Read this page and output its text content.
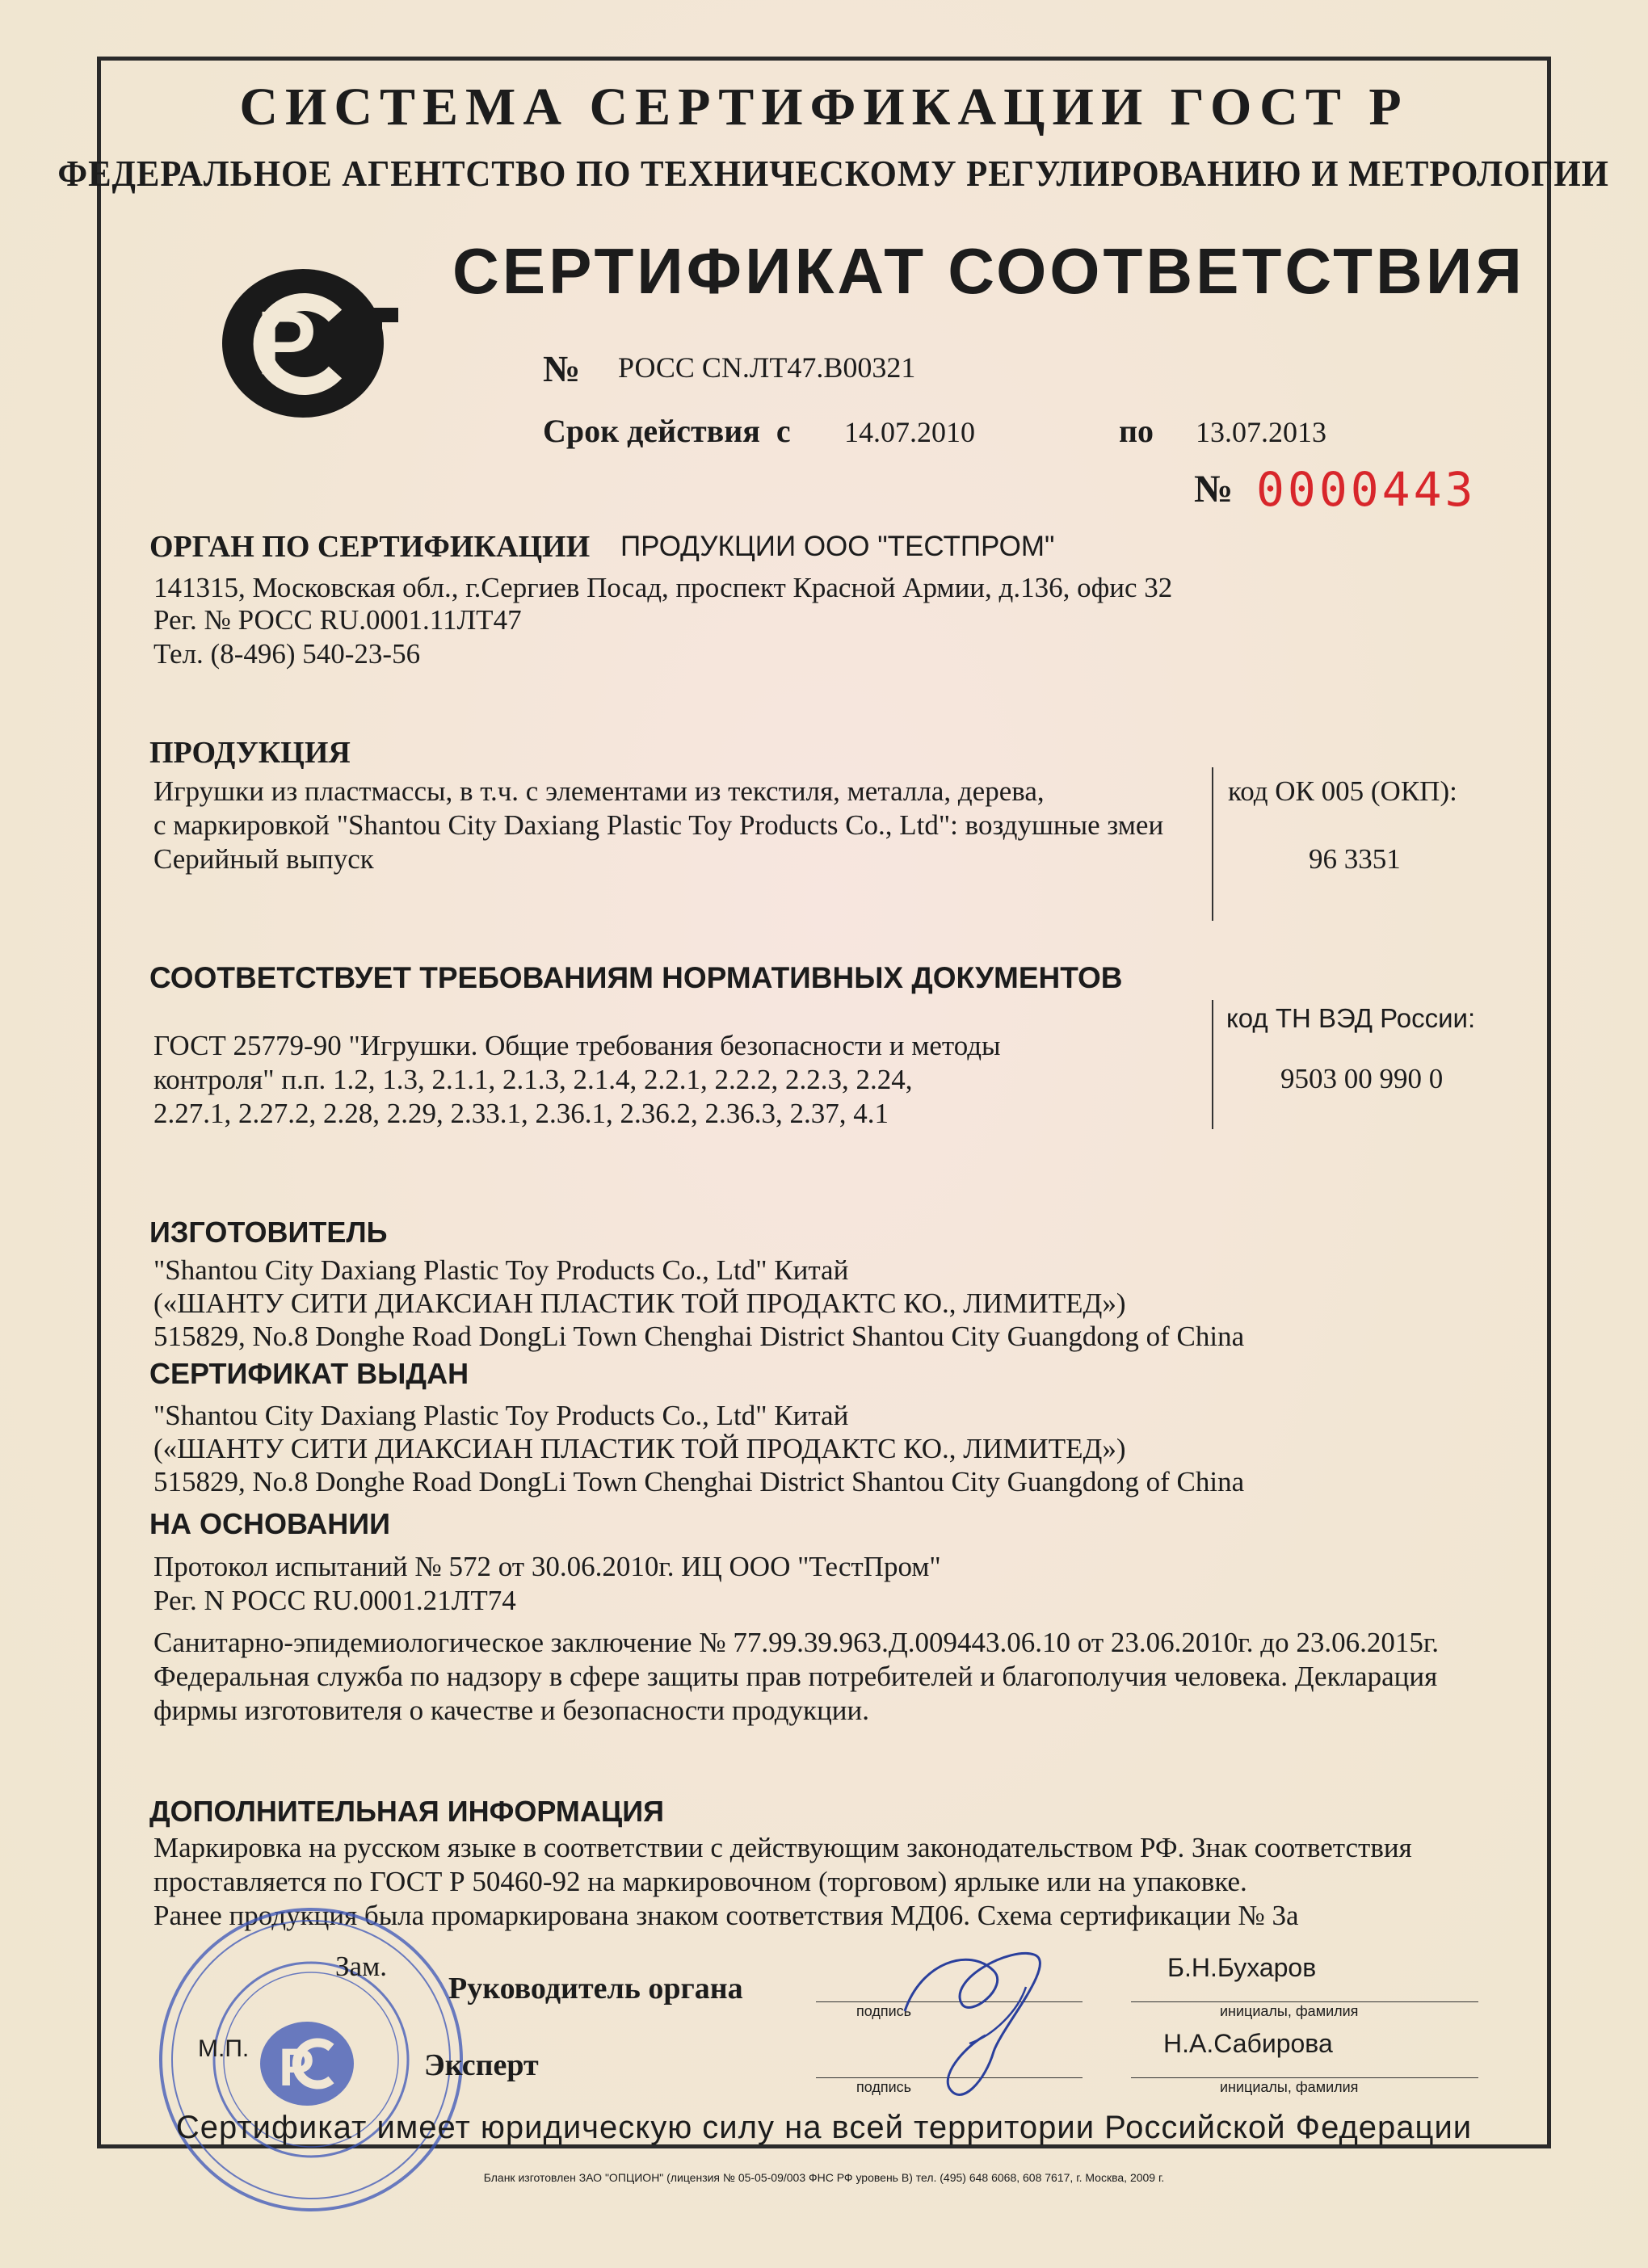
СИСТЕМА СЕРТИФИКАЦИИ ГОСТ Р
ФЕДЕРАЛЬНОЕ АГЕНТСТВО ПО ТЕХНИЧЕСКОМУ РЕГУЛИРОВАНИЮ И МЕТРОЛОГИИ
СЕРТИФИКАТ СООТВЕТСТВИЯ
P	№ РОСС CN.ЛТ47.В00321
Срок действия с 14.07.2010	по 13.07.2013
№ 0000443
ОРГАН ПО СЕРТИФИКАЦИИ ПРОДУКЦИИ ООО "ТЕСТПРОМ"
141315, Московская обл., г.Сергиев Посад, проспект Красной Армии, д.136, офис 32
Рег. № РОСС RU.0001.11ЛТ47
Тел. (8-496) 540-23-56
ПРОДУКЦИЯ
Игрушки из пластмассы, в т.ч. с элементами из текстиля, металла, дерева,
с маркировкой "Shantou City Daxiang Plastic Toy Products Co., Ltd": воздушные змеи
Серийный выпуск
код ОК 005 (ОКП):
96 3351
СООТВЕТСТВУЕТ ТРЕБОВАНИЯМ НОРМАТИВНЫХ ДОКУМЕНТОВ
ГОСТ 25779-90 "Игрушки. Общие требования безопасности и методы
контроля" п.п. 1.2, 1.3, 2.1.1, 2.1.3, 2.1.4, 2.2.1, 2.2.2, 2.2.3, 2.24,
2.27.1, 2.27.2, 2.28, 2.29, 2.33.1, 2.36.1, 2.36.2, 2.36.3, 2.37, 4.1
код ТН ВЭД России:
9503 00 990 0
ИЗГОТОВИТЕЛЬ
"Shantou City Daxiang Plastic Toy Products Co., Ltd" Китай
(«ШАНТУ СИТИ ДИАКСИАН ПЛАСТИК ТОЙ ПРОДАКТС КО., ЛИМИТЕД»)
515829, No.8 Donghe Road DongLi Town Chenghai District Shantou City Guangdong of China
СЕРТИФИКАТ ВЫДАН
"Shantou City Daxiang Plastic Toy Products Co., Ltd" Китай
(«ШАНТУ СИТИ ДИАКСИАН ПЛАСТИК ТОЙ ПРОДАКТС КО., ЛИМИТЕД»)
515829, No.8 Donghe Road DongLi Town Chenghai District Shantou City Guangdong of China
НА ОСНОВАНИИ
Протокол испытаний № 572 от 30.06.2010г. ИЦ ООО "ТестПром"
Рег. N РОСС RU.0001.21ЛТ74
Санитарно-эпидемиологическое заключение № 77.99.39.963.Д.009443.06.10 от 23.06.2010г. до 23.06.2015г.
Федеральная служба по надзору в сфере защиты прав потребителей и благополучия человека. Декларация
фирмы изготовителя о качестве и безопасности продукции.
ДОПОЛНИТЕЛЬНАЯ ИНФОРМАЦИЯ
Маркировка на русском языке в соответствии с действующим законодательством РФ. Знак соответствия
проставляется по ГОСТ Р 50460-92 на маркировочном (торговом) ярлыке или на упаковке.
Ранее продукция была промаркирована знаком соответствия МД06. Схема сертификации № 3а
P
М.П.
Зам.
Руководитель органа
подпись
Б.Н.Бухаров
инициалы, фамилия
Эксперт
подпись
Н.А.Сабирова
инициалы, фамилия
Сертификат имеет юридическую силу на всей территории Российской Федерации
Бланк изготовлен ЗАО "ОПЦИОН" (лицензия № 05-05-09/003 ФНС РФ уровень В) тел. (495) 648 6068, 608 7617, г. Москва, 2009 г.
